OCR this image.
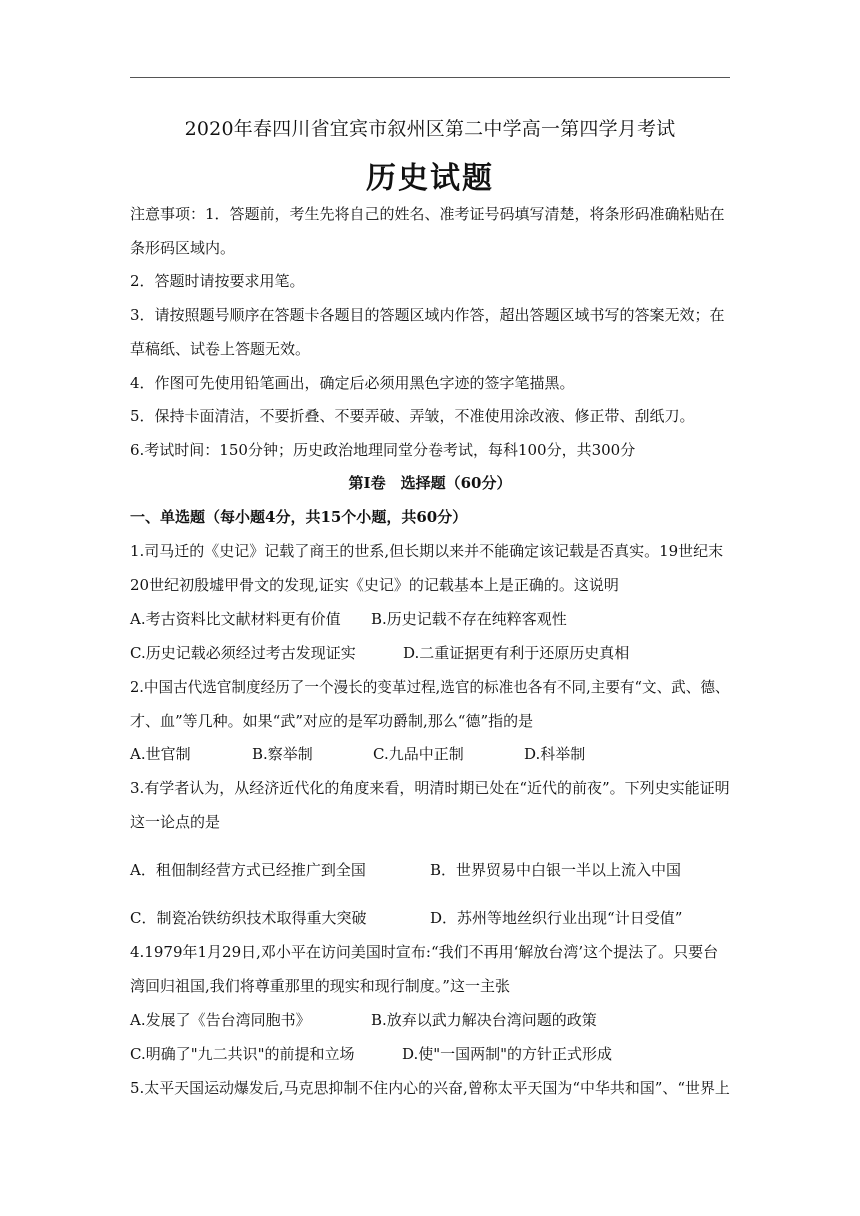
2020年春四川省宜宾市叙州区第二中学高一第四学月考试
历史试题
注意事项：1．答题前，考生先将自己的姓名、准考证号码填写清楚，将条形码准确粘贴在
条形码区域内。
2．答题时请按要求用笔。
3．请按照题号顺序在答题卡各题目的答题区域内作答，超出答题区域书写的答案无效；在
草稿纸、试卷上答题无效。
4．作图可先使用铅笔画出，确定后必须用黑色字迹的签字笔描黑。
5．保持卡面清洁，不要折叠、不要弄破、弄皱，不准使用涂改液、修正带、刮纸刀。
6.考试时间：150分钟；历史政治地理同堂分卷考试，每科100分，共300分
第Ⅰ卷　选择题（60分）
一、单选题（每小题4分，共15个小题，共60分）
1.司马迁的《史记》记载了商王的世系,但长期以来并不能确定该记载是否真实。19世纪末
20世纪初殷墟甲骨文的发现,证实《史记》的记载基本上是正确的。这说明
A.考古资料比文献材料更有价值 B.历史记载不存在纯粹客观性
C.历史记载必须经过考古发现证实	D.二重证据更有利于还原历史真相
2.中国古代选官制度经历了一个漫长的变革过程,选官的标准也各有不同,主要有“文、武、德、
才、血”等几种。如果“武”对应的是军功爵制,那么“德”指的是
A.世官制	B.察举制	C.九品中正制	D.科举制
3.有学者认为，从经济近代化的角度来看，明清时期已处在“近代的前夜”。下列史实能证明
这一论点的是
A．租佃制经营方式已经推广到全国	B．世界贸易中白银一半以上流入中国
C．制瓷冶铁纺织技术取得重大突破	D．苏州等地丝织行业出现“计日受值”
4.1979年1月29日,邓小平在访问美国时宣布:“我们不再用‘解放台湾’这个提法了。只要台
湾回归祖国,我们将尊重那里的现实和现行制度。”这一主张
A.发展了《告台湾同胞书》	B.放弃以武力解决台湾问题的政策
C.明确了"九二共识"的前提和立场	D.使"一国两制"的方针正式形成
5.太平天国运动爆发后,马克思抑制不住内心的兴奋,曾称太平天国为“中华共和国”、“世界上
